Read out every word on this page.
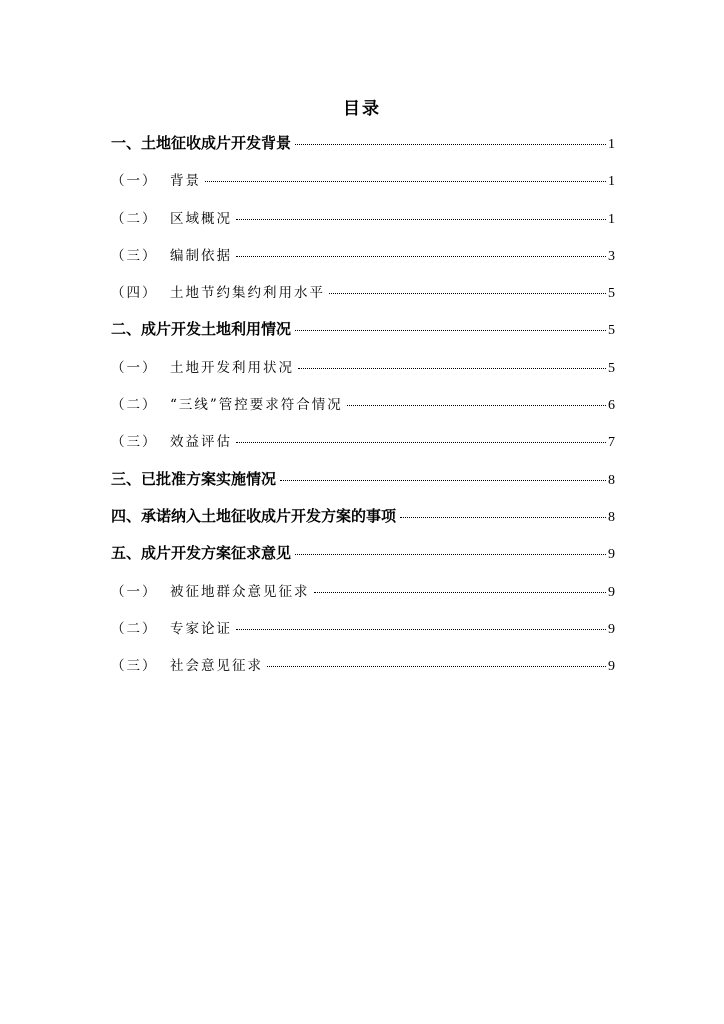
目录
一、土地征收成片开发背景	1
（一） 背景	1
（二） 区域概况	1
（三） 编制依据	3
（四） 土地节约集约利用水平	5
二、成片开发土地利用情况	5
（一） 土地开发利用状况	5
（二） “三线”管控要求符合情况	6
（三） 效益评估	7
三、已批准方案实施情况	8
四、承诺纳入土地征收成片开发方案的事项	8
五、成片开发方案征求意见	9
（一） 被征地群众意见征求	9
（二） 专家论证	9
（三） 社会意见征求	9
